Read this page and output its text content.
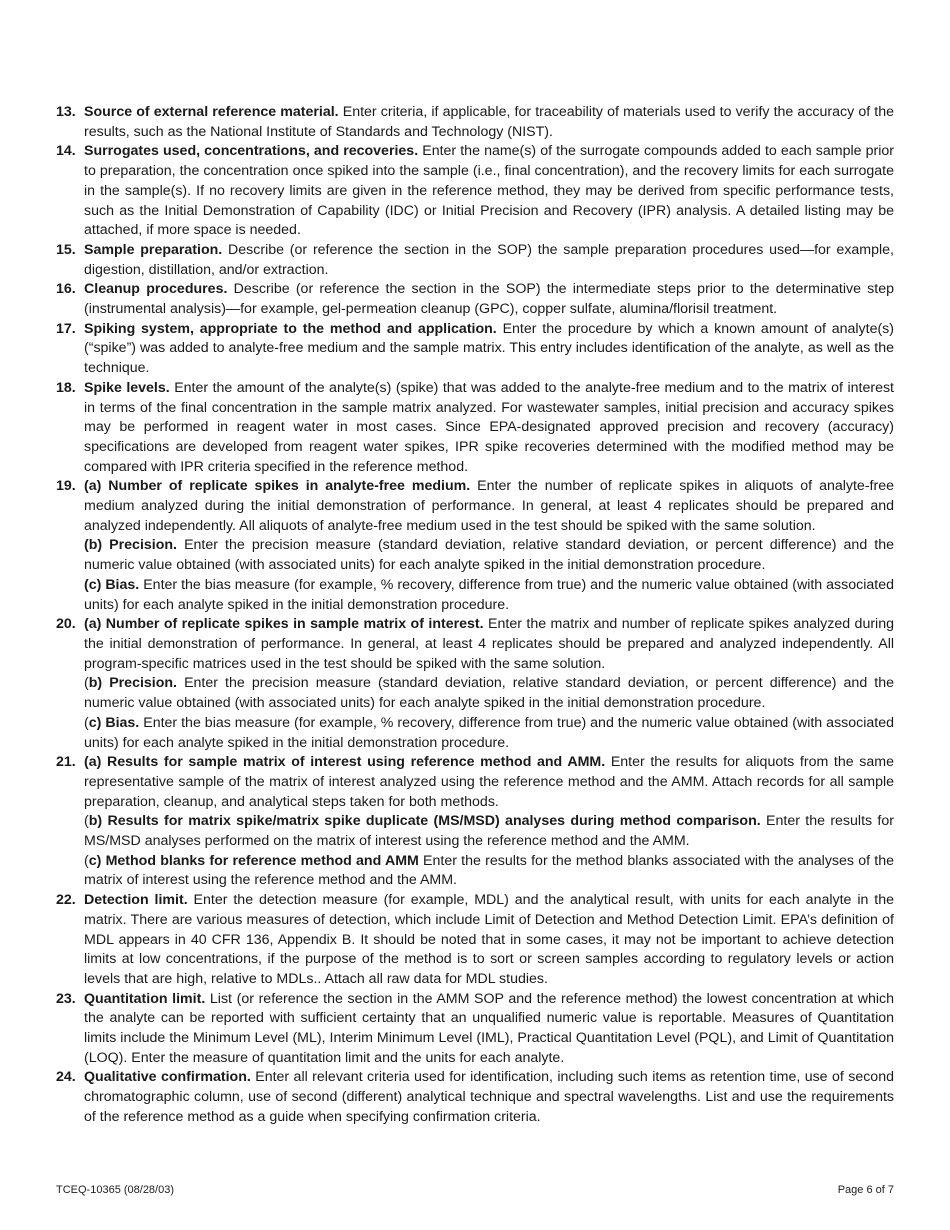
13. Source of external reference material. Enter criteria, if applicable, for traceability of materials used to verify the accuracy of the results, such as the National Institute of Standards and Technology (NIST).
14. Surrogates used, concentrations, and recoveries. Enter the name(s) of the surrogate compounds added to each sample prior to preparation, the concentration once spiked into the sample (i.e., final concentration), and the recovery limits for each surrogate in the sample(s). If no recovery limits are given in the reference method, they may be derived from specific performance tests, such as the Initial Demonstration of Capability (IDC) or Initial Precision and Recovery (IPR) analysis. A detailed listing may be attached, if more space is needed.
15. Sample preparation. Describe (or reference the section in the SOP) the sample preparation procedures used—for example, digestion, distillation, and/or extraction.
16. Cleanup procedures. Describe (or reference the section in the SOP) the intermediate steps prior to the determinative step (instrumental analysis)—for example, gel-permeation cleanup (GPC), copper sulfate, alumina/florisil treatment.
17. Spiking system, appropriate to the method and application. Enter the procedure by which a known amount of analyte(s) (“spike”) was added to analyte-free medium and the sample matrix. This entry includes identification of the analyte, as well as the technique.
18. Spike levels. Enter the amount of the analyte(s) (spike) that was added to the analyte-free medium and to the matrix of interest in terms of the final concentration in the sample matrix analyzed. For wastewater samples, initial precision and accuracy spikes may be performed in reagent water in most cases. Since EPA-designated approved precision and recovery (accuracy) specifications are developed from reagent water spikes, IPR spike recoveries determined with the modified method may be compared with IPR criteria specified in the reference method.
19. (a) Number of replicate spikes in analyte-free medium. Enter the number of replicate spikes in aliquots of analyte-free medium analyzed during the initial demonstration of performance. In general, at least 4 replicates should be prepared and analyzed independently. All aliquots of analyte-free medium used in the test should be spiked with the same solution.
(b) Precision. Enter the precision measure (standard deviation, relative standard deviation, or percent difference) and the numeric value obtained (with associated units) for each analyte spiked in the initial demonstration procedure.
(c) Bias. Enter the bias measure (for example, % recovery, difference from true) and the numeric value obtained (with associated units) for each analyte spiked in the initial demonstration procedure.
20. (a) Number of replicate spikes in sample matrix of interest. Enter the matrix and number of replicate spikes analyzed during the initial demonstration of performance. In general, at least 4 replicates should be prepared and analyzed independently. All program-specific matrices used in the test should be spiked with the same solution.
(b) Precision. Enter the precision measure (standard deviation, relative standard deviation, or percent difference) and the numeric value obtained (with associated units) for each analyte spiked in the initial demonstration procedure.
(c) Bias. Enter the bias measure (for example, % recovery, difference from true) and the numeric value obtained (with associated units) for each analyte spiked in the initial demonstration procedure.
21. (a) Results for sample matrix of interest using reference method and AMM. Enter the results for aliquots from the same representative sample of the matrix of interest analyzed using the reference method and the AMM. Attach records for all sample preparation, cleanup, and analytical steps taken for both methods.
(b) Results for matrix spike/matrix spike duplicate (MS/MSD) analyses during method comparison. Enter the results for MS/MSD analyses performed on the matrix of interest using the reference method and the AMM.
(c) Method blanks for reference method and AMM Enter the results for the method blanks associated with the analyses of the matrix of interest using the reference method and the AMM.
22. Detection limit. Enter the detection measure (for example, MDL) and the analytical result, with units for each analyte in the matrix. There are various measures of detection, which include Limit of Detection and Method Detection Limit. EPA’s definition of MDL appears in 40 CFR 136, Appendix B. It should be noted that in some cases, it may not be important to achieve detection limits at low concentrations, if the purpose of the method is to sort or screen samples according to regulatory levels or action levels that are high, relative to MDLs.. Attach all raw data for MDL studies.
23. Quantitation limit. List (or reference the section in the AMM SOP and the reference method) the lowest concentration at which the analyte can be reported with sufficient certainty that an unqualified numeric value is reportable. Measures of Quantitation limits include the Minimum Level (ML), Interim Minimum Level (IML), Practical Quantitation Level (PQL), and Limit of Quantitation (LOQ). Enter the measure of quantitation limit and the units for each analyte.
24. Qualitative confirmation. Enter all relevant criteria used for identification, including such items as retention time, use of second chromatographic column, use of second (different) analytical technique and spectral wavelengths. List and use the requirements of the reference method as a guide when specifying confirmation criteria.
TCEQ-10365 (08/28/03)	Page 6 of 7
